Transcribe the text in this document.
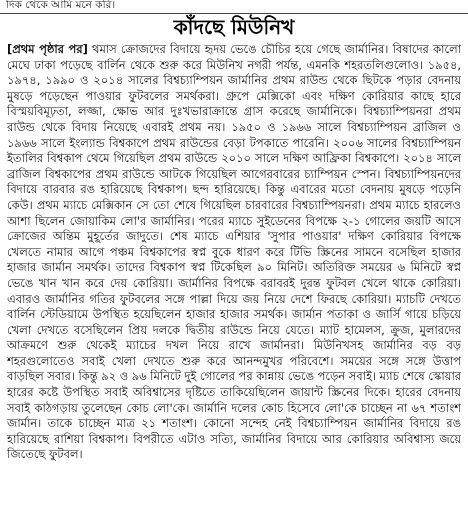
দিক থেকে আমি মনে করি।
কাঁদছে মিউনিখ

[প্রথম পৃষ্ঠার পর] থমাস ক্রোজদের বিদায়ে হৃদয় ভেঙে চৌচির হয়ে গেছে জার্মানির। বিষাদের কালো মেঘে ঢাকা পড়েছে বার্লিন থেকে শুরু করে মিউনিখ নগরী পর্যন্ত, এমনকি শহরতলিগুলোও। ১৯৫৪, ১৯৭৪, ১৯৯০ ও ২০১৪ সালের বিশ্বচ্যাম্পিয়ন জার্মানির প্রথম রাউন্ড থেকে ছিটকে পড়ার বেদনায় মুষড়ে পড়েছেন পাওয়ার ফুটবলের সমর্থকরা। গ্রুপে মেক্সিকো এবং দক্ষিণ কোরিয়ার কাছে হারে বিস্ময়বিমূঢ়তা, লজ্জা, ক্ষোভ আর দুঃখভারাক্রান্তে গ্রাস করেছে জার্মানিকে। বিশ্বচ্যাম্পিয়নরা প্রথম রাউন্ড থেকে বিদায় নিয়েছে এবারই প্রথম নয়। ১৯৫০ ও ১৯৬৬ সালে বিশ্বচ্যাম্পিয়ন ব্রাজিল ও ১৯৬৬ সালে ইংল্যান্ড বিশ্বকাপে প্রথম রাউন্ডের বেড়া টপকাতে পারেনি। ২০০৬ সালের বিশ্বচ্যাম্পিয়ন ইতালির বিশ্বকাপ থেমে গিয়েছিল প্রথম রাউন্ডে ২০১০ সালে দক্ষিণ আফ্রিকা বিশ্বকাপে। ২০১৪ সালে ব্রাজিল বিশ্বকাপের প্রথম রাউন্ডে আটকে গিয়েছিল আগেরবারের চ্যাম্পিয়ন স্পেন। বিশ্বচ্যাম্পিয়নদের বিদায়ে বারবার রঙ হারিয়েছে বিশ্বকাপ। ছন্দ হারিয়েছে। কিন্তু এবারের মতো বেদনায় মুষড়ে পড়েনি কেউ। প্রথম ম্যাচে মেক্সিকান সে তো শেষে গিয়েছিল চারবারের বিশ্বচ্যাম্পিয়নরা। প্রথম ম্যাচে হারলেও আশা ছিলেন জোয়াকিম লো'র জার্মানির। পরের ম্যাচে সুইডেনের বিপক্ষে ২-১ গোলের জয়টি আসে ক্রোজের অন্তিম মুহূর্তের জাদুতে। শেষ ম্যাচে এশিয়ার 'সুপার পাওয়ার' দক্ষিণ কোরিয়ার বিপক্ষে খেলতে নামার আগে পঞ্চম বিশ্বকাপের স্বপ্ন বুকে ধারণ করে টিভি স্ক্রিনের সামনে বসেছিল হাজার হাজার জার্মান সমর্থক। তাদের বিশ্বকাপ স্বপ্ন টিকেছিল ৯০ মিনিট। অতিরিক্ত সময়ের ৬ মিনিটে স্বপ্ন ভেঙে খান খান করে দেয় কোরিয়া। জার্মানির বিপক্ষে বরাবরই দুরন্ত ফুটবল খেলে থাকে কোরিয়া। এবারও জার্মানির গতির ফুটবলের সঙ্গে পাল্লা দিয়ে জয় নিয়ে দেশে ফিরছে কোরিয়া। ম্যাচটি দেখতে বার্লিন স্টেডিয়ামে উপস্থিত হয়েছিলেন হাজার হাজার সমর্থক। জার্মান পতাকা ও জার্সি গায়ে চড়িয়ে খেলা দেখতে বসেছিলেন প্রিয় দলকে দ্বিতীয় রাউন্ডে নিয়ে যেতে। ম্যাট হামেলস, ক্রুজ, মুলারদের আক্রমণে শুরু থেকেই ম্যাচের দখল নিয়ে রাখে জার্মানরা। মিউনিখসহ জার্মানির বড় বড় শহরগুলোতেও সবাই খেলা দেখতে শুরু করে আনন্দমুখর পরিবেশে। সময়ের সঙ্গে সঙ্গে উত্তাপ বাড়ছিল সবার। কিন্তু ৯২ ও ৯৬ মিনিটে দুই গোলের পর কান্নায় ভেঙে পড়েন সবাই। ম্যাচ শেষে স্কোয়ার হারের কষ্টে উপস্থিত সবাই অবিশ্বাসের দৃষ্টিতে তাকিয়েছিলেন জায়ান্ট স্ক্রিনের দিকে। হারের বেদনায় সবাই কাঠগড়ায় তুলেছেন কোচ লো'কে। জার্মানি দলের কোচ হিসেবে লো'কে চাচ্ছেন না ৬৭ শতাংশ জার্মান। তাকে চাচ্ছেন মাত্র ২১ শতাংশ। কোনো সন্দেহ নেই বিশ্বচ্যাম্পিয়ন জার্মানির বিদায়ে রঙ হারিয়েছে রাশিয়া বিশ্বকাপ। বিপরীতে এটাও সত্যি, জার্মানির বিদায়ে আর কোরিয়ার অবিশ্বাস্য জয়ে জিতেছে ফুটবল।
